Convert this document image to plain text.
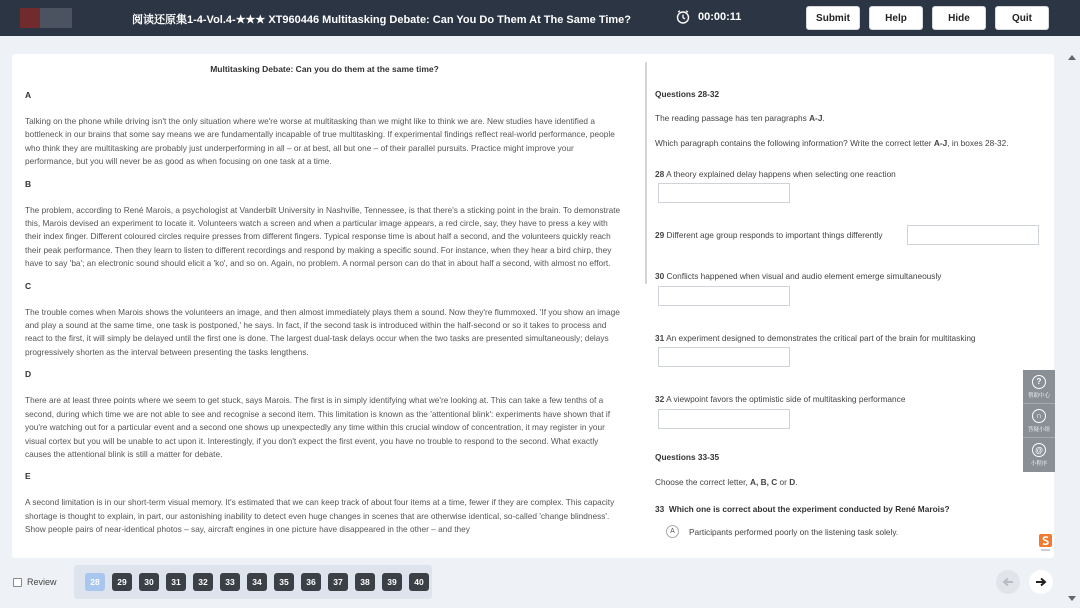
阅读还原集1-4-Vol.4-★★★ XT960446 Multitasking Debate: Can You Do Them At The Same Time?	00:00:11	Submit	Help	Hide	Quit
Multitasking Debate: Can you do them at the same time?
A
Talking on the phone while driving isn't the only situation where we're worse at multitasking than we might like to think we are. New studies have identified a bottleneck in our brains that some say means we are fundamentally incapable of true multitasking. If experimental findings reflect real-world performance, people who think they are multitasking are probably just underperforming in all – or at best, all but one – of their parallel pursuits. Practice might improve your performance, but you will never be as good as when focusing on one task at a time.
B
The problem, according to René Marois, a psychologist at Vanderbilt University in Nashville, Tennessee, is that there's a sticking point in the brain. To demonstrate this, Marois devised an experiment to locate it. Volunteers watch a screen and when a particular image appears, a red circle, say, they have to press a key with their index finger. Different coloured circles require presses from different fingers. Typical response time is about half a second, and the volunteers quickly reach their peak performance. Then they learn to listen to different recordings and respond by making a specific sound. For instance, when they hear a bird chirp, they have to say 'ba'; an electronic sound should elicit a 'ko', and so on. Again, no problem. A normal person can do that in about half a second, with almost no effort.
C
The trouble comes when Marois shows the volunteers an image, and then almost immediately plays them a sound. Now they're flummoxed. 'If you show an image and play a sound at the same time, one task is postponed,' he says. In fact, if the second task is introduced within the half-second or so it takes to process and react to the first, it will simply be delayed until the first one is done. The largest dual-task delays occur when the two tasks are presented simultaneously; delays progressively shorten as the interval between presenting the tasks lengthens.
D
There are at least three points where we seem to get stuck, says Marois. The first is in simply identifying what we're looking at. This can take a few tenths of a second, during which time we are not able to see and recognise a second item. This limitation is known as the 'attentional blink': experiments have shown that if you're watching out for a particular event and a second one shows up unexpectedly any time within this crucial window of concentration, it may register in your visual cortex but you will be unable to act upon it. Interestingly, if you don't expect the first event, you have no trouble to respond to the second. What exactly causes the attentional blink is still a matter for debate.
E
A second limitation is in our short-term visual memory. It's estimated that we can keep track of about four items at a time, fewer if they are complex. This capacity shortage is thought to explain, in part, our astonishing inability to detect even huge changes in scenes that are otherwise identical, so-called 'change blindness'. Show people pairs of near-identical photos – say, aircraft engines in one picture have disappeared in the other – and they
Questions 28-32
The reading passage has ten paragraphs A-J.
Which paragraph contains the following information? Write the correct letter A-J, in boxes 28-32.
28 A theory explained delay happens when selecting one reaction
29 Different age group responds to important things differently
30 Conflicts happened when visual and audio element emerge simultaneously
31 An experiment designed to demonstrates the critical part of the brain for multitasking
32 A viewpoint favors the optimistic side of multitasking performance
Questions 33-35
Choose the correct letter, A, B, C or D.
33 Which one is correct about the experiment conducted by René Marois?
A	Participants performed poorly on the listening task solely.
?
帮助中心
∩
答疑小组
@
小程序
Review	28	29	30	31	32	33	34	35	36	37	38	39	40
